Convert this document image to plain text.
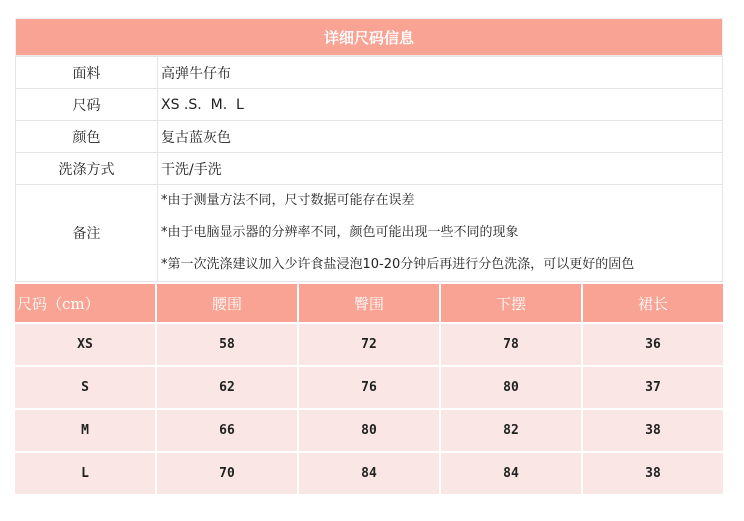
详细尺码信息
面料	高弹牛仔布
尺码	XS .S.  M.  L
颜色	复古蓝灰色
洗涤方式	干洗/手洗
备注	*由于测量方法不同，尺寸数据可能存在误差
*由于电脑显示器的分辨率不同，颜色可能出现一些不同的现象
*第一次洗涤建议加入少许食盐浸泡10-20分钟后再进行分色洗涤，可以更好的固色
尺码（cm）	腰围	臀围	下摆	裙长
XS	58	72	78	36
S	62	76	80	37
M	66	80	82	38
L	70	84	84	38
